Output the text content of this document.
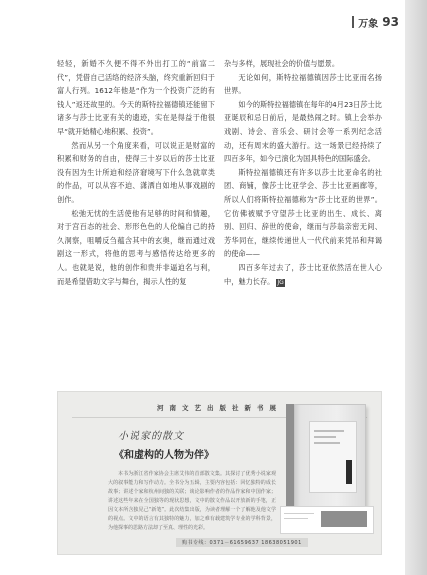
万象 93

轻轻，新婚不久便不得不外出打工的“前富二代”，凭借自己活络的经济头脑，终究重新回归于富人行列。1612年他是“作为一个投资广泛的有钱人”返还故里的。今天的斯特拉福德镇还能留下诸多与莎士比亚有关的遗迹，实在是得益于他很早“就开始精心地积累、投资”。

然而从另一个角度来看，可以说正是财富的积累和财务的自由，使得三十岁以后的莎士比亚没有因为生计所迫和经济窘境写下什么急就章类的作品，可以从容不迫、潇洒自如地从事戏剧的创作。

松弛无忧的生活使他有足够的时间和情趣，对于宫百态的社会、形形色色的人伦编自己的持久洞察，咀嚼反刍蕴含其中的玄奥，继而通过戏剧这一形式，将他的思考与感悟传达给更多的人。也就是说，他的创作和贵并非逼迫名与利，而是希望借助文字与舞台，揭示人性的复

杂与多样，展现社会的价值与愿景。

无论如何，斯特拉福德镇因莎士比亚而名扬世界。

如今的斯特拉福德镇在每年的4月23日莎士比亚诞辰和忌日前后，是最热闹之时。镇上会举办戏剧、诗会、音乐会、研讨会等一系列纪念活动，还有周末的盛大游行。这一场景已经持续了四百多年，如今已演化为国具特色的国际盛会。

斯特拉福德镇还有许多以莎士比亚命名的社团、商铺，像莎士比亚学会、莎士比亚画廊等，所以人们将斯特拉福德称为“莎士比亚的世界”。它仿佛被赋予守望莎士比亚的出生、成长、离别、回归、辞世的使命，继而与莎翁亲密无间、芳华同在，继续传递世人一代代前来凭吊和拜谒的使命——

四百多年过去了，莎士比亚依然活在世人心中，魅力长存。 JG

河南文艺出版社新书展
小说家的散文
《和虚构的人物为伴》

本书为浙江省作家协会主席艾伟的首部散文集。其探讨了优秀小说家观大的叙事能力和写作动力。全书分为五辑，主要内容包括：回忆独特的成长故事；讲述个家和杭州间独的关联；谈论影响作者的作品作家和中国作家；讲述这些年来在全国独等的现状思想，文中的散文作品以开放新的手笔，正因文本所含独见己“新笔”。此次结集出版，为读者理解一个了解他及他文学的视点。文中的语言有其独特的魅力，加之难有载建筑学专业的学科背景，为他探事的思路方法却了至真、理性的光彩。

购书专线：0371－61659637 18638051901
